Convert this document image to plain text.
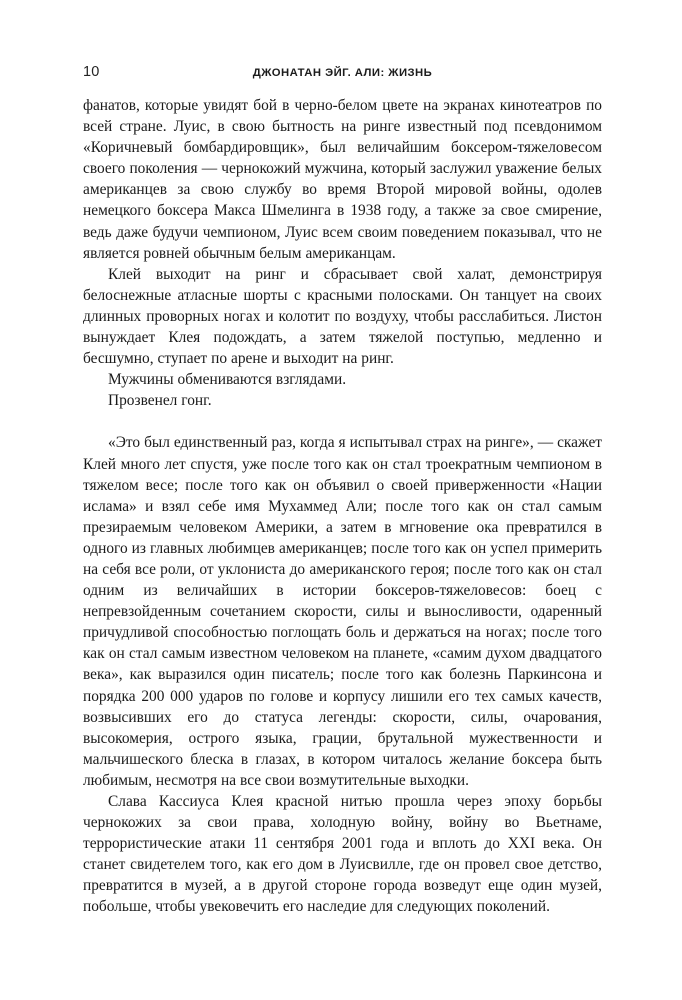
10	ДЖОНАТАН ЭЙГ. АЛИ: ЖИЗНЬ

фанатов, которые увидят бой в черно-белом цвете на экранах кинотеатров по всей стране. Луис, в свою бытность на ринге известный под псевдонимом «Коричневый бомбардировщик», был величайшим боксером-тяжеловесом своего поколения — чернокожий мужчина, который заслужил уважение белых американцев за свою службу во время Второй мировой войны, одолев немецкого боксера Макса Шмелинга в 1938 году, а также за свое смирение, ведь даже будучи чемпионом, Луис всем своим поведением показывал, что не является ровней обычным белым американцам.

Клей выходит на ринг и сбрасывает свой халат, демонстрируя белоснежные атласные шорты с красными полосками. Он танцует на своих длинных проворных ногах и колотит по воздуху, чтобы расслабиться. Листон вынуждает Клея подождать, а затем тяжелой поступью, медленно и бесшумно, ступает по арене и выходит на ринг.

Мужчины обмениваются взглядами.

Прозвенел гонг.

«Это был единственный раз, когда я испытывал страх на ринге», — скажет Клей много лет спустя, уже после того как он стал троекратным чемпионом в тяжелом весе; после того как он объявил о своей приверженности «Нации ислама» и взял себе имя Мухаммед Али; после того как он стал самым презираемым человеком Америки, а затем в мгновение ока превратился в одного из главных любимцев американцев; после того как он успел примерить на себя все роли, от уклониста до американского героя; после того как он стал одним из величайших в истории боксеров-тяжеловесов: боец с непревзойденным сочетанием скорости, силы и выносливости, одаренный причудливой способностью поглощать боль и держаться на ногах; после того как он стал самым известном человеком на планете, «самим духом двадцатого века», как выразился один писатель; после того как болезнь Паркинсона и порядка 200 000 ударов по голове и корпусу лишили его тех самых качеств, возвысивших его до статуса легенды: скорости, силы, очарования, высокомерия, острого языка, грации, брутальной мужественности и мальчишеского блеска в глазах, в котором читалось желание боксера быть любимым, несмотря на все свои возмутительные выходки.

Слава Кассиуса Клея красной нитью прошла через эпоху борьбы чернокожих за свои права, холодную войну, войну во Вьетнаме, террористические атаки 11 сентября 2001 года и вплоть до XXI века. Он станет свидетелем того, как его дом в Луисвилле, где он провел свое детство, превратится в музей, а в другой стороне города возведут еще один музей, побольше, чтобы увековечить его наследие для следующих поколений.
